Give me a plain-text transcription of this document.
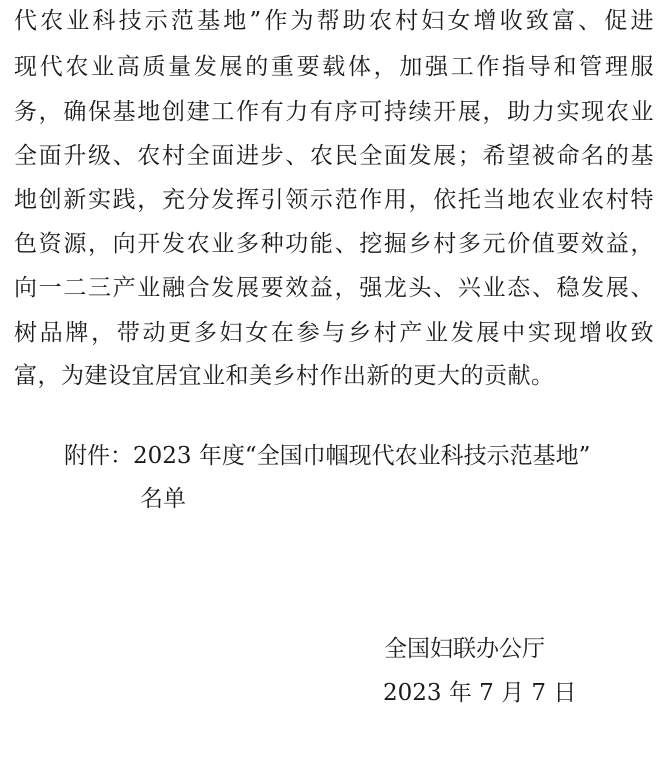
代农业科技示范基地”作为帮助农村妇女增收致富、促进
现代农业高质量发展的重要载体，加强工作指导和管理服
务，确保基地创建工作有力有序可持续开展，助力实现农业
全面升级、农村全面进步、农民全面发展；希望被命名的基
地创新实践，充分发挥引领示范作用，依托当地农业农村特
色资源，向开发农业多种功能、挖掘乡村多元价值要效益，
向一二三产业融合发展要效益，强龙头、兴业态、稳发展、
树品牌，带动更多妇女在参与乡村产业发展中实现增收致
富，为建设宜居宜业和美乡村作出新的更大的贡献。
附件：2023 年度“全国巾帼现代农业科技示范基地”
名单
全国妇联办公厅
2023 年 7 月 7 日
